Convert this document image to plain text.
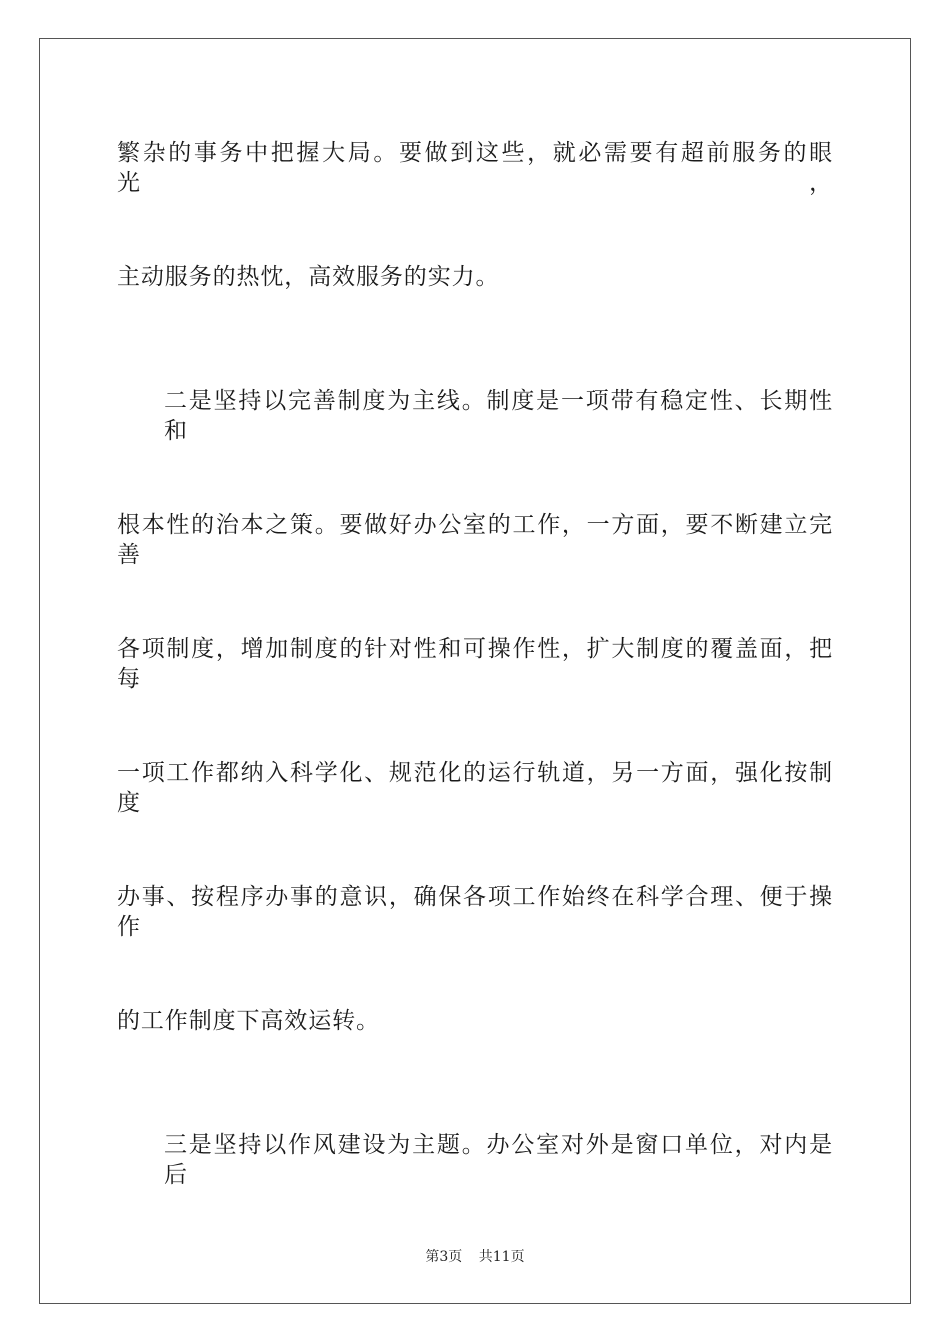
繁杂的事务中把握大局。要做到这些，就必需要有超前服务的眼光，
主动服务的热忱，高效服务的实力。
二是坚持以完善制度为主线。制度是一项带有稳定性、长期性和
根本性的治本之策。要做好办公室的工作，一方面，要不断建立完善
各项制度，增加制度的针对性和可操作性，扩大制度的覆盖面，把每
一项工作都纳入科学化、规范化的运行轨道，另一方面，强化按制度
办事、按程序办事的意识，确保各项工作始终在科学合理、便于操作
的工作制度下高效运转。
三是坚持以作风建设为主题。办公室对外是窗口单位，对内是后
第3页 共11页
